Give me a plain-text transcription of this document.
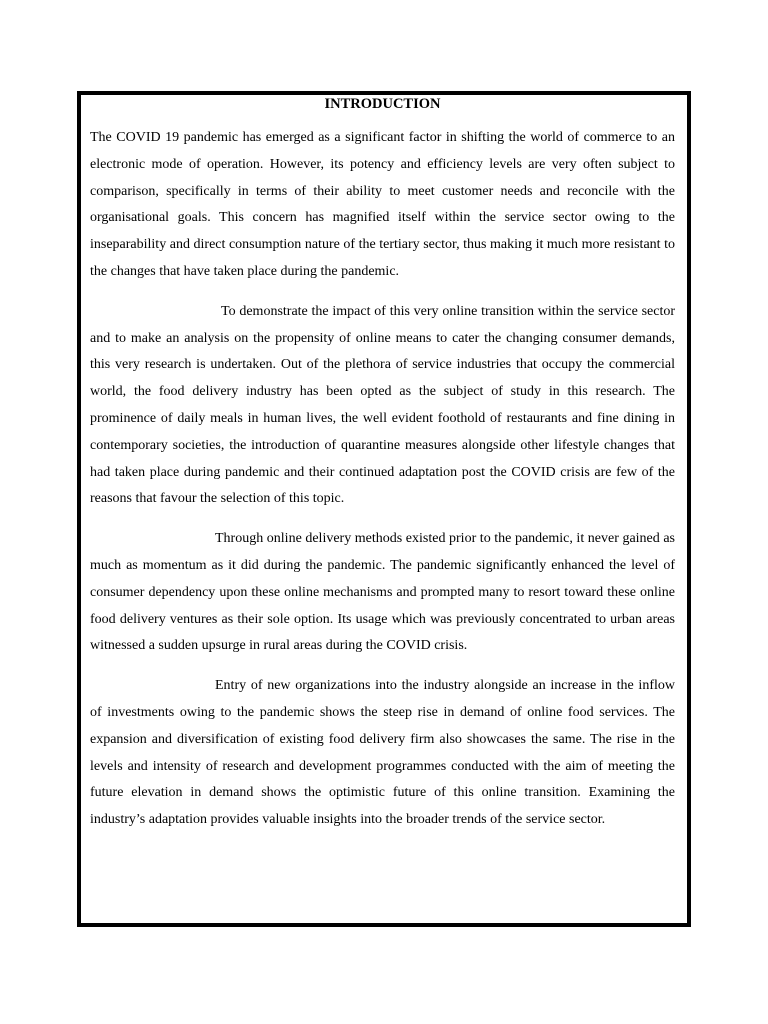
INTRODUCTION

The COVID 19 pandemic has emerged as a significant factor in shifting the world of commerce to an electronic mode of operation. However, its potency and efficiency levels are very often subject to comparison, specifically in terms of their ability to meet customer needs and reconcile with the organisational goals. This concern has magnified itself within the service sector owing to the inseparability and direct consumption nature of the tertiary sector, thus making it much more resistant to the changes that have taken place during the pandemic.

To demonstrate the impact of this very online transition within the service sector and to make an analysis on the propensity of online means to cater the changing consumer demands, this very research is undertaken. Out of the plethora of service industries that occupy the commercial world, the food delivery industry has been opted as the subject of study in this research. The prominence of daily meals in human lives, the well evident foothold of restaurants and fine dining in contemporary societies, the introduction of quarantine measures alongside other lifestyle changes that had taken place during pandemic and their continued adaptation post the COVID crisis are few of the reasons that favour the selection of this topic.

Through online delivery methods existed prior to the pandemic, it never gained as much as momentum as it did during the pandemic. The pandemic significantly enhanced the level of consumer dependency upon these online mechanisms and prompted many to resort toward these online food delivery ventures as their sole option. Its usage which was previously concentrated to urban areas witnessed a sudden upsurge in rural areas during the COVID crisis.

Entry of new organizations into the industry alongside an increase in the inflow of investments owing to the pandemic shows the steep rise in demand of online food services. The expansion and diversification of existing food delivery firm also showcases the same. The rise in the levels and intensity of research and development programmes conducted with the aim of meeting the future elevation in demand shows the optimistic future of this online transition. Examining the industry’s adaptation provides valuable insights into the broader trends of the service sector.
